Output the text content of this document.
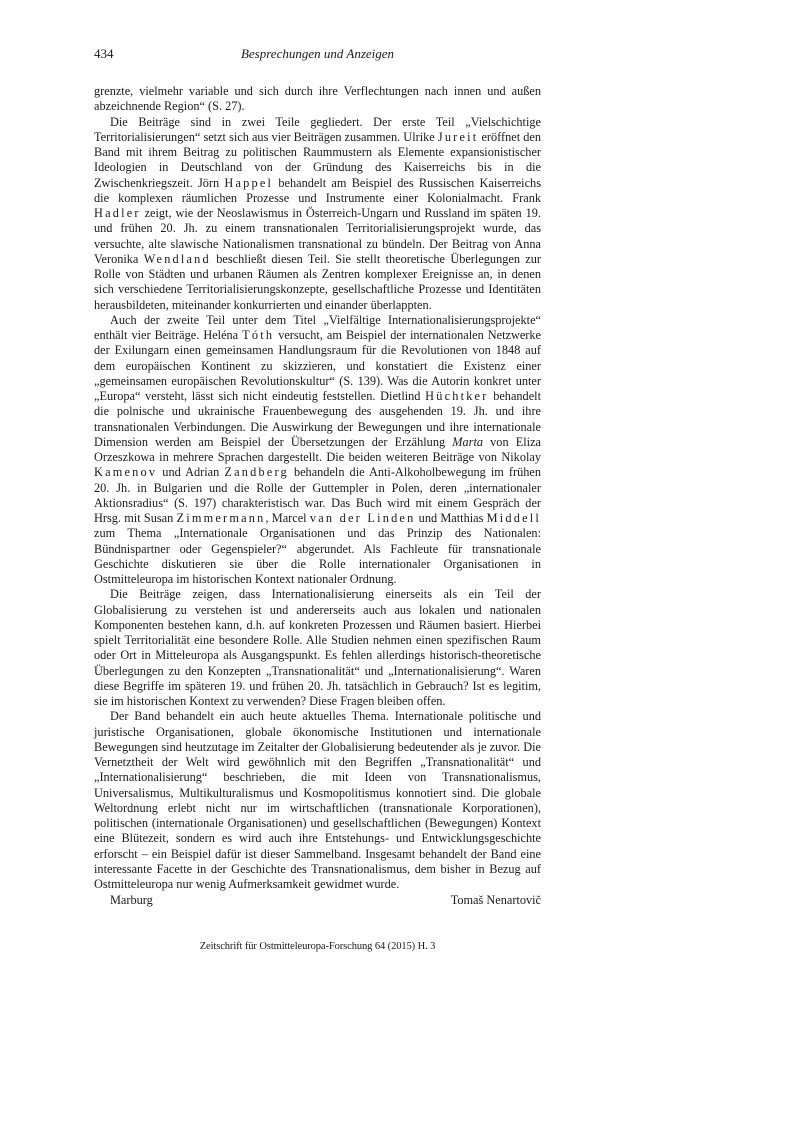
434	Besprechungen und Anzeigen

grenzte, vielmehr variable und sich durch ihre Verflechtungen nach innen und außen abzeichnende Region“ (S. 27).

Die Beiträge sind in zwei Teile gegliedert. Der erste Teil „Vielschichtige Territorialisierungen“ setzt sich aus vier Beiträgen zusammen. Ulrike Jureit eröffnet den Band mit ihrem Beitrag zu politischen Raummustern als Elemente expansionistischer Ideologien in Deutschland von der Gründung des Kaiserreichs bis in die Zwischenkriegszeit. Jörn Happel behandelt am Beispiel des Russischen Kaiserreichs die komplexen räumlichen Prozesse und Instrumente einer Kolonialmacht. Frank Hadler zeigt, wie der Neoslawismus in Österreich-Ungarn und Russland im späten 19. und frühen 20. Jh. zu einem transnationalen Territorialisierungsprojekt wurde, das versuchte, alte slawische Nationalismen transnational zu bündeln. Der Beitrag von Anna Veronika Wendland beschließt diesen Teil. Sie stellt theoretische Überlegungen zur Rolle von Städten und urbanen Räumen als Zentren komplexer Ereignisse an, in denen sich verschiedene Territorialisierungskonzepte, gesellschaftliche Prozesse und Identitäten herausbildeten, miteinander konkurrierten und einander überlappten.

Auch der zweite Teil unter dem Titel „Vielfältige Internationalisierungsprojekte“ enthält vier Beiträge. Heléna Tóth versucht, am Beispiel der internationalen Netzwerke der Exilungarn einen gemeinsamen Handlungsraum für die Revolutionen von 1848 auf dem europäischen Kontinent zu skizzieren, und konstatiert die Existenz einer „gemeinsamen europäischen Revolutionskultur“ (S. 139). Was die Autorin konkret unter „Europa“ versteht, lässt sich nicht eindeutig feststellen. Dietlind Hüchtker behandelt die polnische und ukrainische Frauenbewegung des ausgehenden 19. Jh. und ihre transnationalen Verbindungen. Die Auswirkung der Bewegungen und ihre internationale Dimension werden am Beispiel der Übersetzungen der Erzählung Marta von Eliza Orzeszkowa in mehrere Sprachen dargestellt. Die beiden weiteren Beiträge von Nikolay Kamenov und Adrian Zandberg behandeln die Anti-Alkoholbewegung im frühen 20. Jh. in Bulgarien und die Rolle der Guttempler in Polen, deren „internationaler Aktionsradius“ (S. 197) charakteristisch war. Das Buch wird mit einem Gespräch der Hrsg. mit Susan Zimmermann, Marcel van der Linden und Matthias Middell zum Thema „Internationale Organisationen und das Prinzip des Nationalen: Bündnispartner oder Gegenspieler?“ abgerundet. Als Fachleute für transnationale Geschichte diskutieren sie über die Rolle internationaler Organisationen in Ostmitteleuropa im historischen Kontext nationaler Ordnung.

Die Beiträge zeigen, dass Internationalisierung einerseits als ein Teil der Globalisierung zu verstehen ist und andererseits auch aus lokalen und nationalen Komponenten bestehen kann, d.h. auf konkreten Prozessen und Räumen basiert. Hierbei spielt Territorialität eine besondere Rolle. Alle Studien nehmen einen spezifischen Raum oder Ort in Mitteleuropa als Ausgangspunkt. Es fehlen allerdings historisch-theoretische Überlegungen zu den Konzepten „Transnationalität“ und „Internationalisierung“. Waren diese Begriffe im späteren 19. und frühen 20. Jh. tatsächlich in Gebrauch? Ist es legitim, sie im historischen Kontext zu verwenden? Diese Fragen bleiben offen.

Der Band behandelt ein auch heute aktuelles Thema. Internationale politische und juristische Organisationen, globale ökonomische Institutionen und internationale Bewegungen sind heutzutage im Zeitalter der Globalisierung bedeutender als je zuvor. Die Vernetztheit der Welt wird gewöhnlich mit den Begriffen „Transnationalität“ und „Internationalisierung“ beschrieben, die mit Ideen von Transnationalismus, Universalismus, Multikulturalismus und Kosmopolitismus konnotiert sind. Die globale Weltordnung erlebt nicht nur im wirtschaftlichen (transnationale Korporationen), politischen (internationale Organisationen) und gesellschaftlichen (Bewegungen) Kontext eine Blütezeit, sondern es wird auch ihre Entstehungs- und Entwicklungsgeschichte erforscht – ein Beispiel dafür ist dieser Sammelband. Insgesamt behandelt der Band eine interessante Facette in der Geschichte des Transnationalismus, dem bisher in Bezug auf Ostmitteleuropa nur wenig Aufmerksamkeit gewidmet wurde.

Marburg	Tomaš Nenartovič
Zeitschrift für Ostmitteleuropa-Forschung 64 (2015) H. 3
